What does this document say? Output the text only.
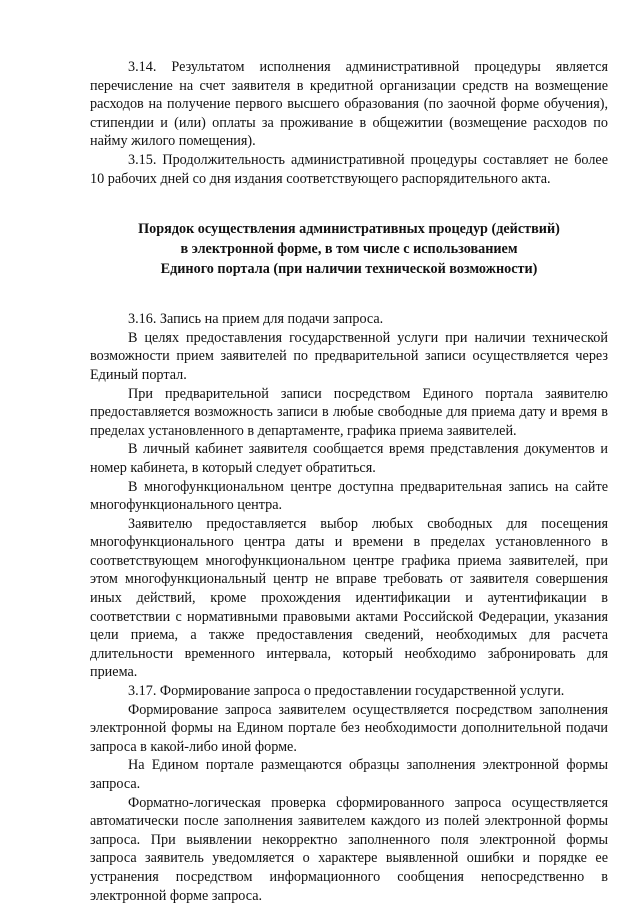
3.14. Результатом исполнения административной процедуры является перечисление на счет заявителя в кредитной организации средств на возмещение расходов на получение первого высшего образования (по заочной форме обучения), стипендии и (или) оплаты за проживание в общежитии (возмещение расходов по найму жилого помещения).

3.15. Продолжительность административной процедуры составляет не более 10 рабочих дней со дня издания соответствующего распорядительного акта.

Порядок осуществления административных процедур (действий)
в электронной форме, в том числе с использованием
Единого портала (при наличии технической возможности)

3.16. Запись на прием для подачи запроса.

В целях предоставления государственной услуги при наличии технической возможности прием заявителей по предварительной записи осуществляется через Единый портал.

При предварительной записи посредством Единого портала заявителю предоставляется возможность записи в любые свободные для приема дату и время в пределах установленного в департаменте, графика приема заявителей.

В личный кабинет заявителя сообщается время представления документов и номер кабинета, в который следует обратиться.

В многофункциональном центре доступна предварительная запись на сайте многофункционального центра.

Заявителю предоставляется выбор любых свободных для посещения многофункционального центра даты и времени в пределах установленного в соответствующем многофункциональном центре графика приема заявителей, при этом многофункциональный центр не вправе требовать от заявителя совершения иных действий, кроме прохождения идентификации и аутентификации в соответствии с нормативными правовыми актами Российской Федерации, указания цели приема, а также предоставления сведений, необходимых для расчета длительности временного интервала, который необходимо забронировать для приема.

3.17. Формирование запроса о предоставлении государственной услуги.

Формирование запроса заявителем осуществляется посредством заполнения электронной формы на Едином портале без необходимости дополнительной подачи запроса в какой-либо иной форме.

На Едином портале размещаются образцы заполнения электронной формы запроса.

Форматно-логическая проверка сформированного запроса осуществляется автоматически после заполнения заявителем каждого из полей электронной формы запроса. При выявлении некорректно заполненного поля электронной формы запроса заявитель уведомляется о характере выявленной ошибки и порядке ее устранения посредством информационного сообщения непосредственно в электронной форме запроса.
